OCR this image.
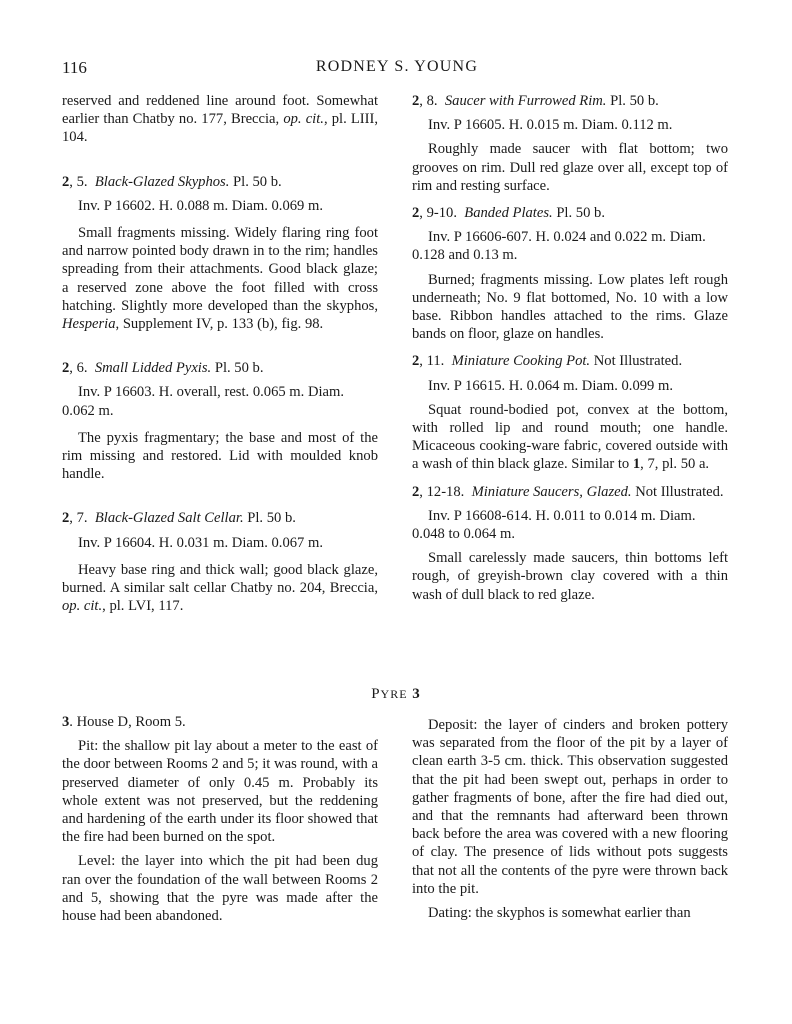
116	RODNEY S. YOUNG

reserved and reddened line around foot. Somewhat earlier than Chatby no. 177, Breccia, op. cit., pl. LIII, 104.

2, 5. Black-Glazed Skyphos. Pl. 50 b.

Inv. P 16602. H. 0.088 m. Diam. 0.069 m.

Small fragments missing. Widely flaring ring foot and narrow pointed body drawn in to the rim; handles spreading from their attachments. Good black glaze; a reserved zone above the foot filled with cross hatching. Slightly more developed than the skyphos, Hesperia, Supplement IV, p. 133 (b), fig. 98.

2, 6. Small Lidded Pyxis. Pl. 50 b.

Inv. P 16603. H. overall, rest. 0.065 m. Diam. 0.062 m.

The pyxis fragmentary; the base and most of the rim missing and restored. Lid with moulded knob handle.

2, 7. Black-Glazed Salt Cellar. Pl. 50 b.

Inv. P 16604. H. 0.031 m. Diam. 0.067 m.

Heavy base ring and thick wall; good black glaze, burned. A similar salt cellar Chatby no. 204, Breccia, op. cit., pl. LVI, 117.

2, 8. Saucer with Furrowed Rim. Pl. 50 b.

Inv. P 16605. H. 0.015 m. Diam. 0.112 m.

Roughly made saucer with flat bottom; two grooves on rim. Dull red glaze over all, except top of rim and resting surface.

2, 9-10. Banded Plates. Pl. 50 b.

Inv. P 16606-607. H. 0.024 and 0.022 m. Diam. 0.128 and 0.13 m.

Burned; fragments missing. Low plates left rough underneath; No. 9 flat bottomed, No. 10 with a low base. Ribbon handles attached to the rims. Glaze bands on floor, glaze on handles.

2, 11. Miniature Cooking Pot. Not Illustrated.

Inv. P 16615. H. 0.064 m. Diam. 0.099 m.

Squat round-bodied pot, convex at the bottom, with rolled lip and round mouth; one handle. Micaceous cooking-ware fabric, covered outside with a wash of thin black glaze. Similar to 1, 7, pl. 50 a.

2, 12-18. Miniature Saucers, Glazed. Not Illustrated.

Inv. P 16608-614. H. 0.011 to 0.014 m. Diam. 0.048 to 0.064 m.

Small carelessly made saucers, thin bottoms left rough, of greyish-brown clay covered with a thin wash of dull black to red glaze.

PYRE 3

3. House D, Room 5.

Pit: the shallow pit lay about a meter to the east of the door between Rooms 2 and 5; it was round, with a preserved diameter of only 0.45 m. Probably its whole extent was not preserved, but the reddening and hardening of the earth under its floor showed that the fire had been burned on the spot.

Level: the layer into which the pit had been dug ran over the foundation of the wall between Rooms 2 and 5, showing that the pyre was made after the house had been abandoned.

Deposit: the layer of cinders and broken pottery was separated from the floor of the pit by a layer of clean earth 3-5 cm. thick. This observation suggested that the pit had been swept out, perhaps in order to gather fragments of bone, after the fire had died out, and that the remnants had afterward been thrown back before the area was covered with a new flooring of clay. The presence of lids without pots suggests that not all the contents of the pyre were thrown back into the pit.

Dating: the skyphos is somewhat earlier than
